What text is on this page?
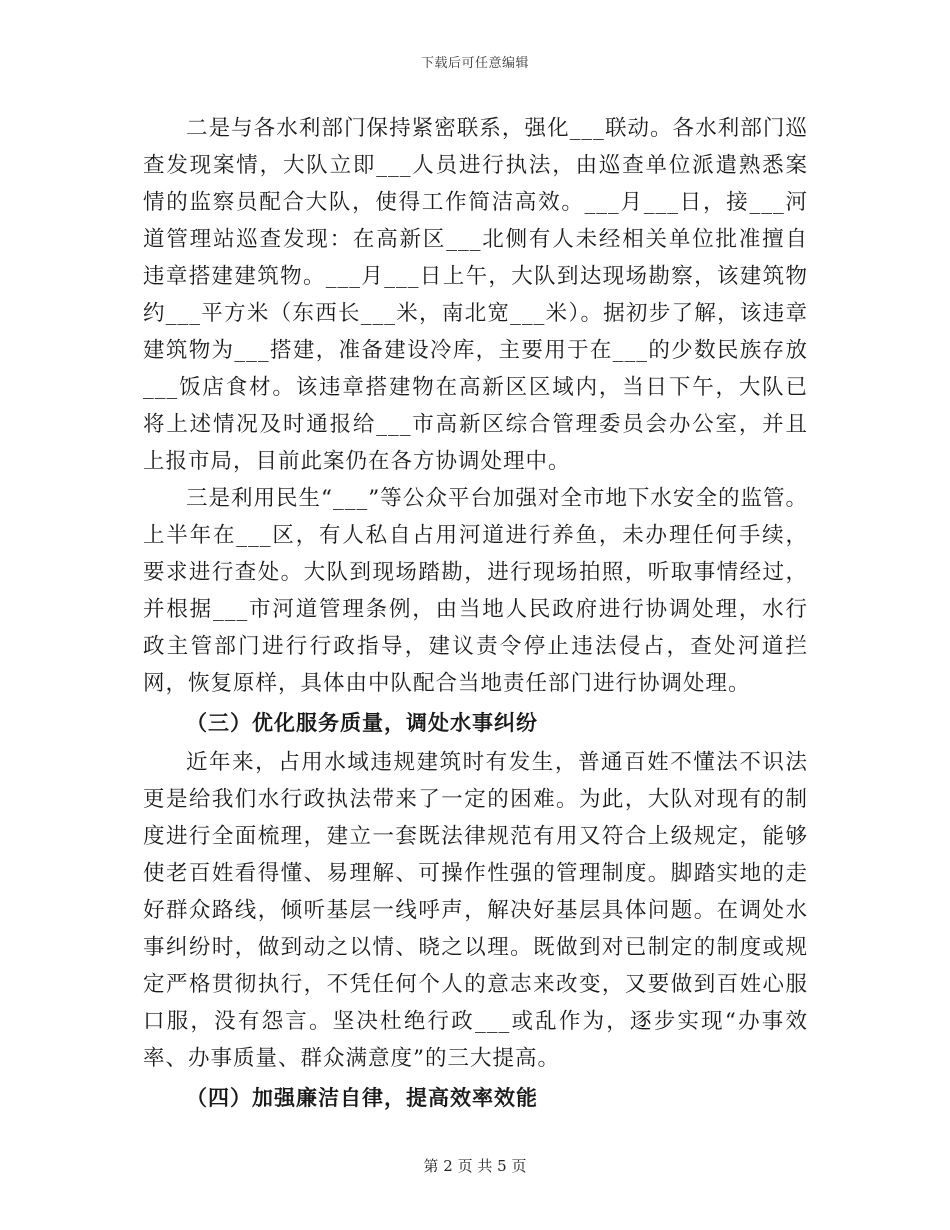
下载后可任意编辑

二是与各水利部门保持紧密联系，强化___联动。各水利部门巡查发现案情，大队立即___人员进行执法，由巡查单位派遣熟悉案情的监察员配合大队，使得工作简洁高效。___月___日，接___河道管理站巡查发现：在高新区___北侧有人未经相关单位批准擅自违章搭建建筑物。___月___日上午，大队到达现场勘察，该建筑物约___平方米（东西长___米，南北宽___米）。据初步了解，该违章建筑物为___搭建，准备建设冷库，主要用于在___的少数民族存放___饭店食材。该违章搭建物在高新区区域内，当日下午，大队已将上述情况及时通报给___市高新区综合管理委员会办公室，并且上报市局，目前此案仍在各方协调处理中。

三是利用民生“___”等公众平台加强对全市地下水安全的监管。上半年在___区，有人私自占用河道进行养鱼，未办理任何手续，要求进行查处。大队到现场踏勘，进行现场拍照，听取事情经过，并根据___市河道管理条例，由当地人民政府进行协调处理，水行政主管部门进行行政指导，建议责令停止违法侵占，查处河道拦网，恢复原样，具体由中队配合当地责任部门进行协调处理。

（三）优化服务质量，调处水事纠纷

近年来，占用水域违规建筑时有发生，普通百姓不懂法不识法更是给我们水行政执法带来了一定的困难。为此，大队对现有的制度进行全面梳理，建立一套既法律规范有用又符合上级规定，能够使老百姓看得懂、易理解、可操作性强的管理制度。脚踏实地的走好群众路线，倾听基层一线呼声，解决好基层具体问题。在调处水事纠纷时，做到动之以情、晓之以理。既做到对已制定的制度或规定严格贯彻执行，不凭任何个人的意志来改变，又要做到百姓心服口服，没有怨言。坚决杜绝行政___或乱作为，逐步实现“办事效率、办事质量、群众满意度”的三大提高。

（四）加强廉洁自律，提高效率效能

第 2 页 共 5 页
